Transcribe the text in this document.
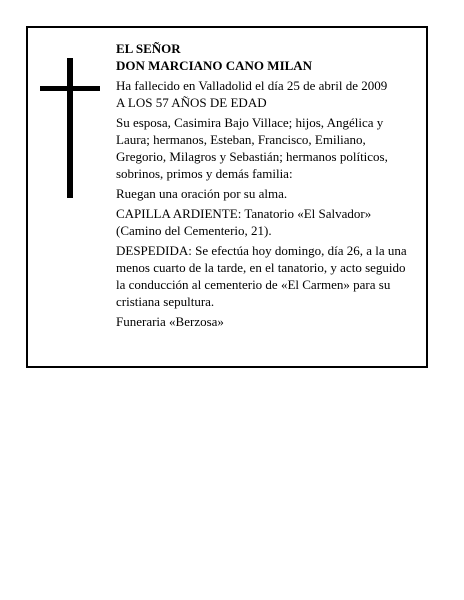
EL SEÑOR
DON MARCIANO CANO MILAN
Ha fallecido en Valladolid el día 25 de abril de 2009
A LOS 57 AÑOS DE EDAD
Su esposa, Casimira Bajo Villace; hijos, Angélica y
Laura; hermanos, Esteban, Francisco, Emiliano,
Gregorio, Milagros y Sebastián; hermanos políticos,
sobrinos, primos y demás familia:
Ruegan una oración por su alma.
CAPILLA ARDIENTE: Tanatorio «El Salvador»
(Camino del Cementerio, 21).
DESPEDIDA: Se efectúa hoy domingo, día 26, a la una
menos cuarto de la tarde, en el tanatorio, y acto seguido
la conducción al cementerio de «El Carmen» para su
cristiana sepultura.
Funeraria «Berzosa»
